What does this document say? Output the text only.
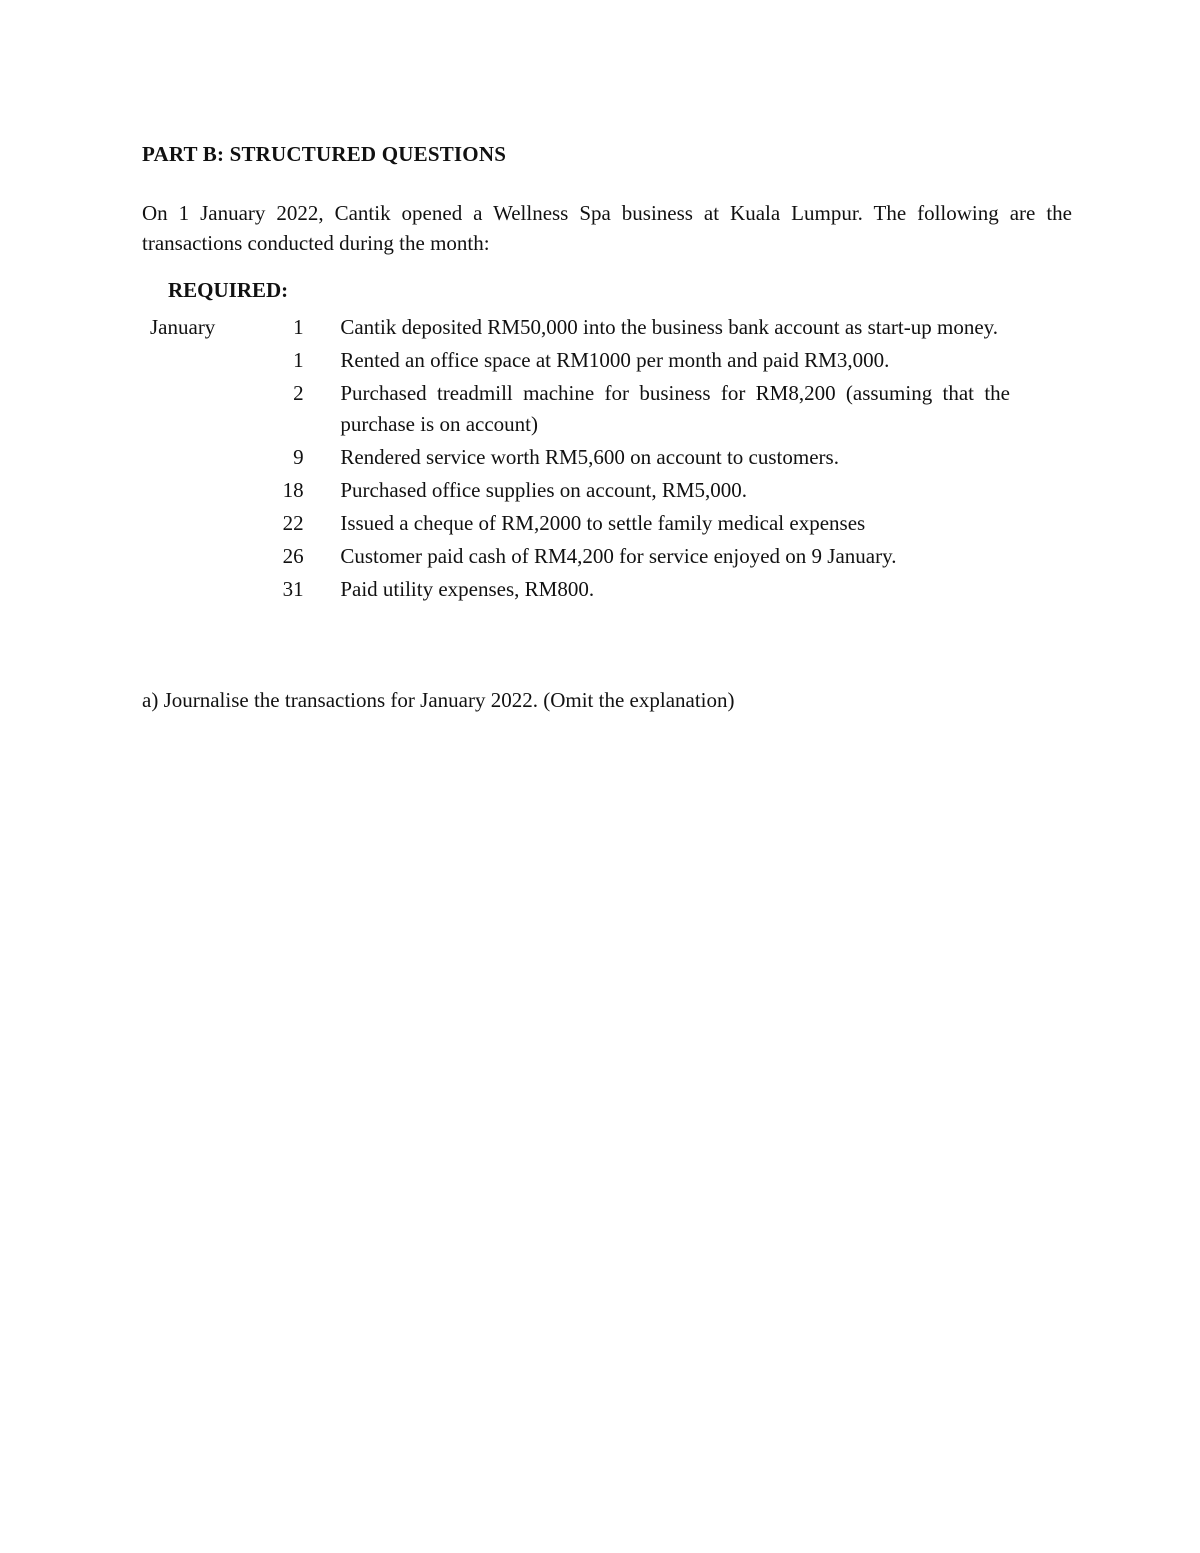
PART B: STRUCTURED QUESTIONS
On 1 January 2022, Cantik opened a Wellness Spa business at Kuala Lumpur. The following are the transactions conducted during the month:
REQUIRED:
January	1		Cantik deposited RM50,000 into the business bank account as start-up money.
	1		Rented an office space at RM1000 per month and paid RM3,000.
	2		Purchased treadmill machine for business for RM8,200 (assuming that the purchase is on account)
	9		Rendered service worth RM5,600 on account to customers.
	18		Purchased office supplies on account, RM5,000.
	22		Issued a cheque of RM,2000 to settle family medical expenses
	26		Customer paid cash of RM4,200 for service enjoyed on 9 January.
	31		Paid utility expenses, RM800.
a) Journalise the transactions for January 2022. (Omit the explanation)
